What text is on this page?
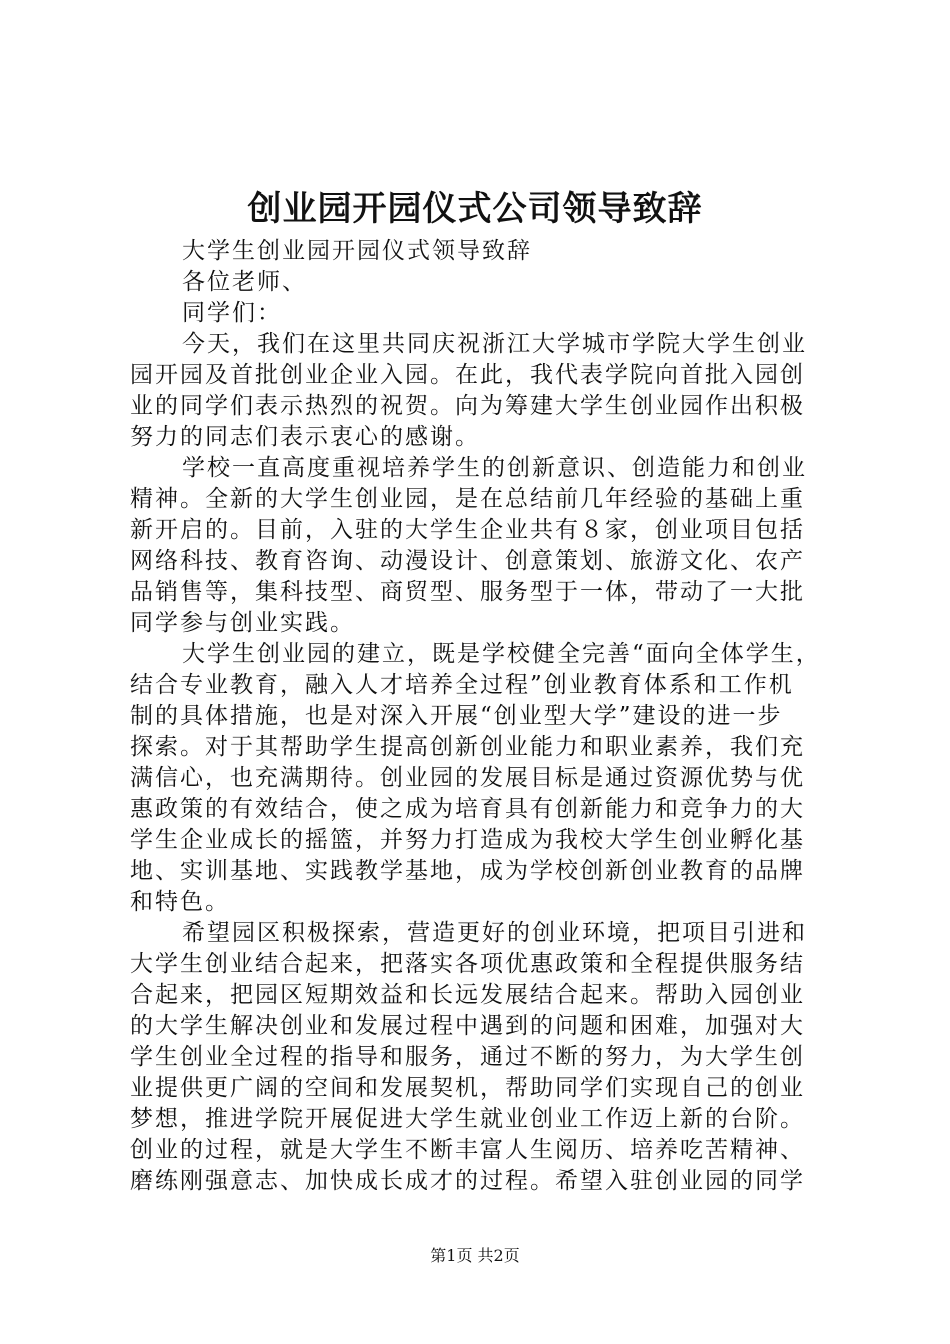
创业园开园仪式公司领导致辞

大学生创业园开园仪式领导致辞

各位老师、

同学们：

今天，我们在这里共同庆祝浙江大学城市学院大学生创业

园开园及首批创业企业入园。在此，我代表学院向首批入园创

业的同学们表示热烈的祝贺。向为筹建大学生创业园作出积极

努力的同志们表示衷心的感谢。

学校一直高度重视培养学生的创新意识、创造能力和创业

精神。全新的大学生创业园，是在总结前几年经验的基础上重

新开启的。目前，入驻的大学生企业共有８家，创业项目包括

网络科技、教育咨询、动漫设计、创意策划、旅游文化、农产

品销售等，集科技型、商贸型、服务型于一体，带动了一大批

同学参与创业实践。

大学生创业园的建立，既是学校健全完善“面向全体学生，

结合专业教育，融入人才培养全过程”创业教育体系和工作机

制的具体措施，也是对深入开展“创业型大学”建设的进一步

探索。对于其帮助学生提高创新创业能力和职业素养，我们充

满信心，也充满期待。创业园的发展目标是通过资源优势与优

惠政策的有效结合，使之成为培育具有创新能力和竞争力的大

学生企业成长的摇篮，并努力打造成为我校大学生创业孵化基

地、实训基地、实践教学基地，成为学校创新创业教育的品牌

和特色。

希望园区积极探索，营造更好的创业环境，把项目引进和

大学生创业结合起来，把落实各项优惠政策和全程提供服务结

合起来，把园区短期效益和长远发展结合起来。帮助入园创业

的大学生解决创业和发展过程中遇到的问题和困难，加强对大

学生创业全过程的指导和服务，通过不断的努力，为大学生创

业提供更广阔的空间和发展契机，帮助同学们实现自己的创业

梦想，推进学院开展促进大学生就业创业工作迈上新的台阶。

创业的过程，就是大学生不断丰富人生阅历、培养吃苦精神、

磨练刚强意志、加快成长成才的过程。希望入驻创业园的同学

第1页 共2页
